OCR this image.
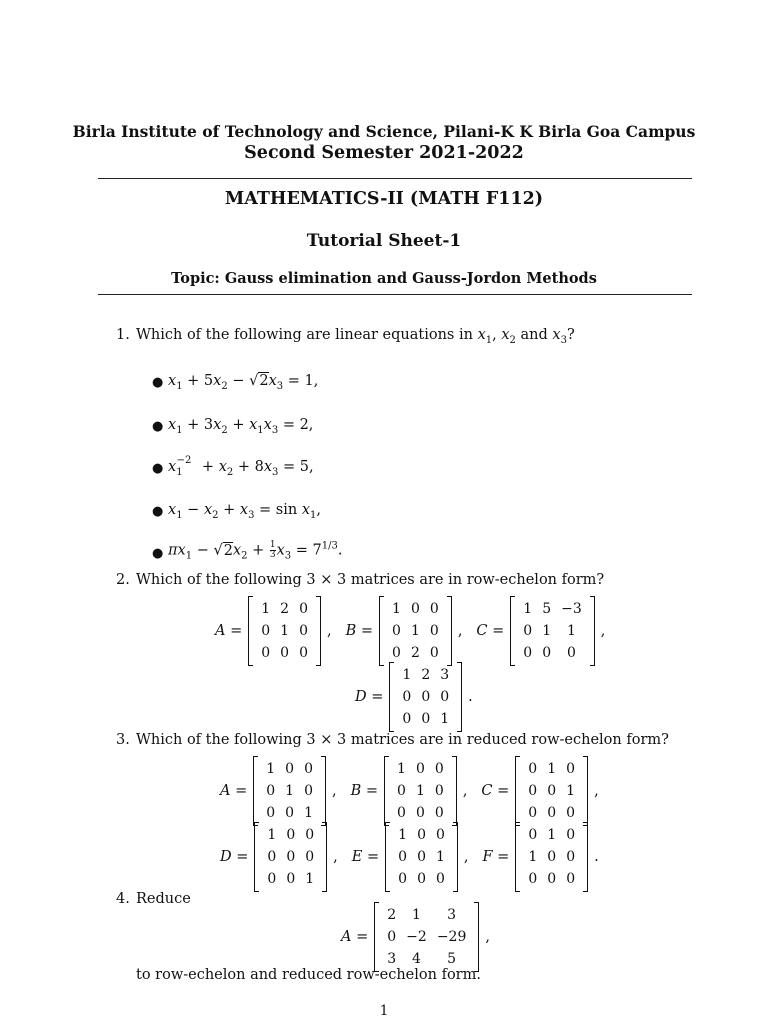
Birla Institute of Technology and Science, Pilani-K K Birla Goa Campus
Second Semester 2021-2022
MATHEMATICS-II (MATH F112)
Tutorial Sheet-1
Topic: Gauss elimination and Gauss-Jordon Methods
1. Which of the following are linear equations in $x_1$, $x_2$ and $x_3$?
● $x_1 + 5x_2 - √2x_3 = 1$,
● $x_1 + 3x_2 + x_1x_3 = 2$,
● $x_1^{-2} + x_2 + 8x_3 = 5$,
● $x_1 - x_2 + x_3 = \sin x_1$,
● $\pi x_1 - √2x_2 + \frac{1}{3} x_3 = 7^{1/3}$.
2. Which of the following 3 × 3 matrices are in row-echelon form?
A =
1	2	0
0	1	0
0	0	0
, B =
1	0	0
0	1	0
0	2	0
, C =
1	5	−3
0	1	1
0	0	0
,
D =
1	2	3
0	0	0
0	0	1
.
3. Which of the following 3 × 3 matrices are in reduced row-echelon form?
A =
1	0	0
0	1	0
0	0	1
, B =
1	0	0
0	1	0
0	0	0
, C =
0	1	0
0	0	1
0	0	0
,
D =
1	0	0
0	0	0
0	0	1
, E =
1	0	0
0	0	1
0	0	0
, F =
0	1	0
1	0	0
0	0	0
.
4. Reduce
A =
2	1	3
0	−2	−29
3	4	5
,
to row-echelon and reduced row-echelon form.
1
